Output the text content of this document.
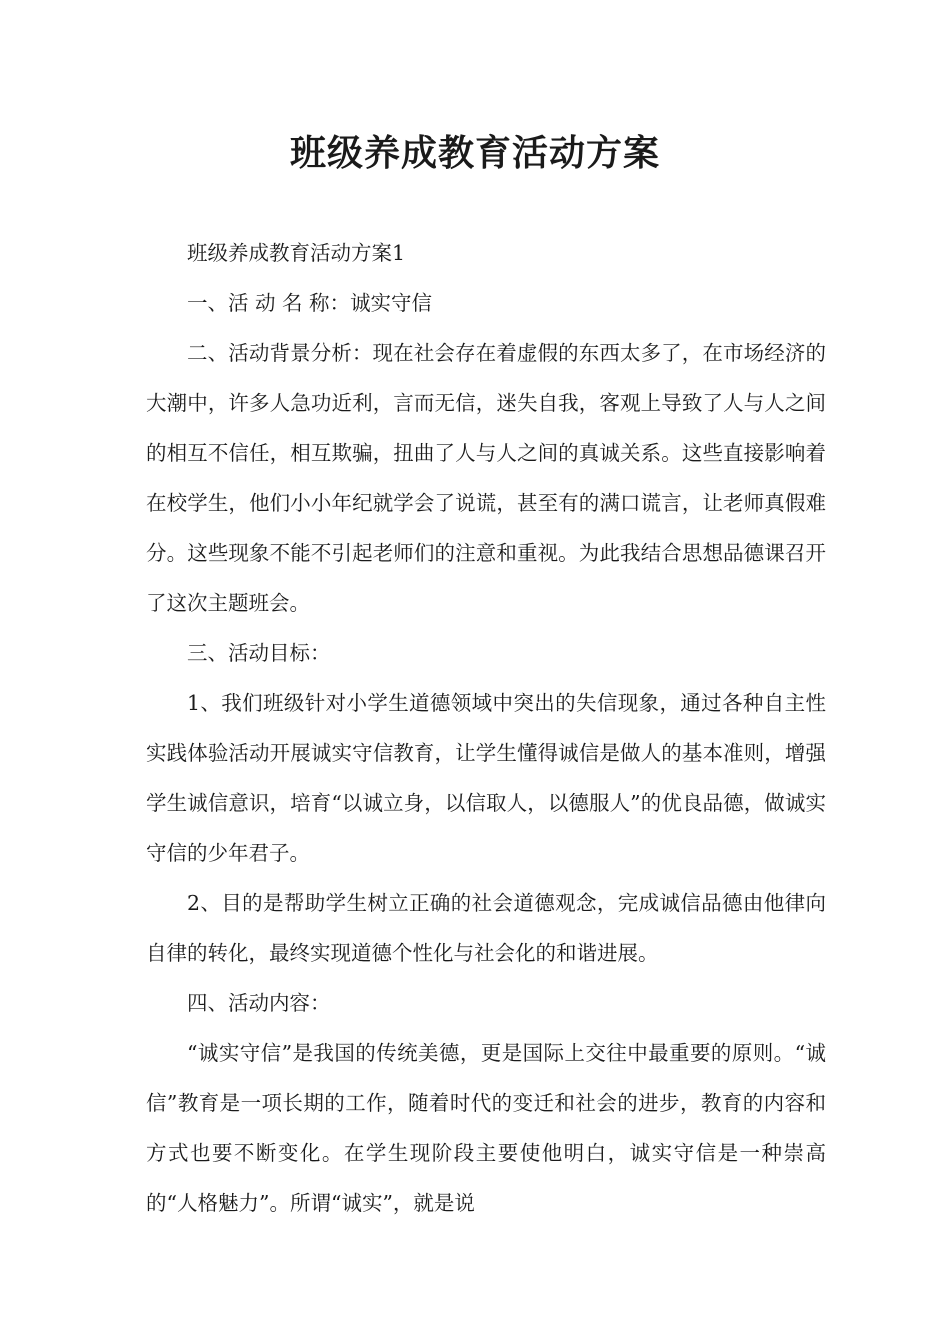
班级养成教育活动方案

班级养成教育活动方案1

一、活 动 名 称：诚实守信

二、活动背景分析：现在社会存在着虚假的东西太多了，在市场经济的大潮中，许多人急功近利，言而无信，迷失自我，客观上导致了人与人之间的相互不信任，相互欺骗，扭曲了人与人之间的真诚关系。这些直接影响着在校学生，他们小小年纪就学会了说谎，甚至有的满口谎言，让老师真假难分。这些现象不能不引起老师们的注意和重视。为此我结合思想品德课召开了这次主题班会。

三、活动目标：

1、我们班级针对小学生道德领域中突出的失信现象，通过各种自主性实践体验活动开展诚实守信教育，让学生懂得诚信是做人的基本准则，增强学生诚信意识，培育“以诚立身，以信取人，以德服人”的优良品德，做诚实守信的少年君子。

2、目的是帮助学生树立正确的社会道德观念，完成诚信品德由他律向自律的转化，最终实现道德个性化与社会化的和谐进展。

四、活动内容：

“诚实守信”是我国的传统美德，更是国际上交往中最重要的原则。“诚信”教育是一项长期的工作，随着时代的变迁和社会的进步，教育的内容和方式也要不断变化。在学生现阶段主要使他明白，诚实守信是一种崇高的“人格魅力”。所谓“诚实”，就是说
